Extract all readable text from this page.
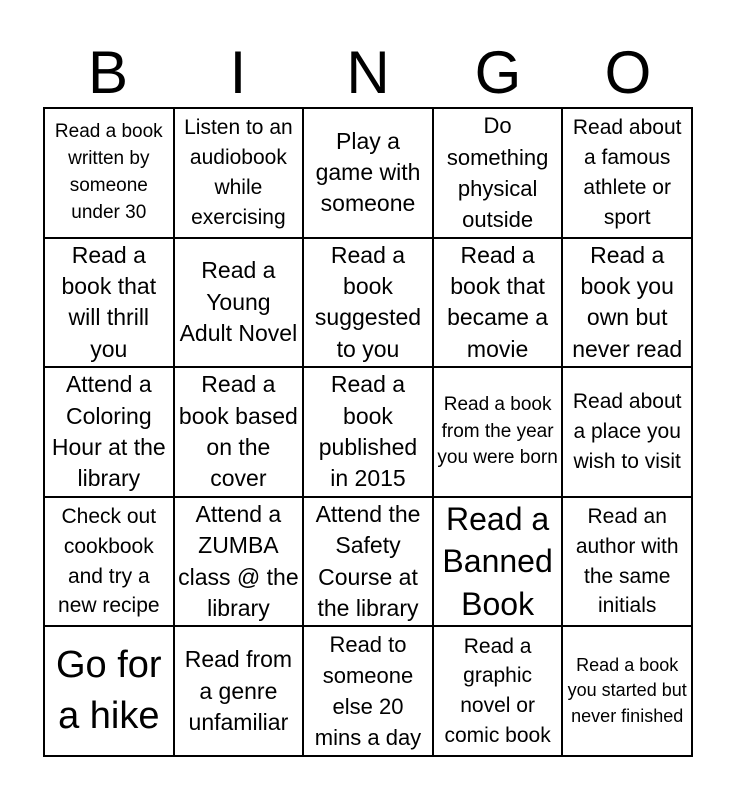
B	I	N	G	O
Read a book written by someone under 30
Listen to an audiobook while exercising
Play a game with someone
Do something physical outside
Read about a famous athlete or sport
Read a book that will thrill you
Read a Young Adult Novel
Read a book suggested to you
Read a book that became a movie
Read a book you own but never read
Attend a Coloring Hour at the library
Read a book based on the cover
Read a book published in 2015
Read a book from the year you were born
Read about a place you wish to visit
Check out cookbook and try a new recipe
Attend a ZUMBA class @ the library
Attend the Safety Course at the library
Read a Banned Book
Read an author with the same initials
Go for a hike
Read from a genre unfamiliar
Read to someone else 20 mins a day
Read a graphic novel or comic book
Read a book you started but never finished
